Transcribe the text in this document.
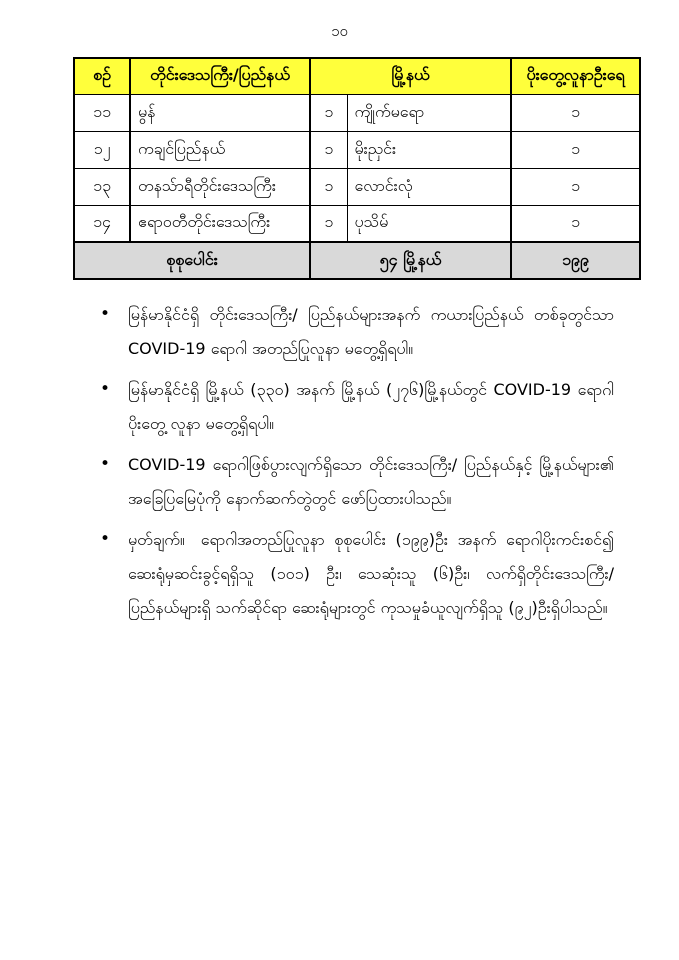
၁၀
စဉ်	တိုင်းဒေသကြီး/ပြည်နယ်	မြို့နယ်		ပိုးတွေ့လူနာဦးရေ
၁၁	မွန်	၁	ကျိုက်မရော	၁
၁၂	ကချင်ပြည်နယ်	၁	မိုးညှင်း	၁
၁၃	တနသ်ာရီတိုင်းဒေသကြီး	၁	လောင်းလုံ	၁
၁၄	ဧရာဝတီတိုင်းဒေသကြီး	၁	ပုသိမ်	၁
စုစုပေါင်း		၅၄ မြို့နယ်		၁၉၉
• မြန်မာနိုင်ငံရှိ တိုင်းဒေသကြီး/ ပြည်နယ်များအနက် ကယားပြည်နယ် တစ်ခုတွင်သာ COVID-19 ရောဂါ အတည်ပြုလူနာ မတွေ့ရှိရပါ။
• မြန်မာနိုင်ငံရှိ မြို့နယ် (၃၃၀) အနက် မြို့နယ် (၂၇၆)မြို့နယ်တွင် COVID-19 ရောဂါ ပိုးတွေ့ လူနာ မတွေ့ရှိရပါ။
• COVID-19 ရောဂါဖြစ်ပွားလျက်ရှိသော တိုင်းဒေသကြီး/ ပြည်နယ်နှင့် မြို့နယ်များ၏ အခြေပြမြေပုံကို နောက်ဆက်တွဲတွင် ဖော်ပြထားပါသည်။
• မှတ်ချက်။ ရောဂါအတည်ပြုလူနာ စုစုပေါင်း (၁၉၉)ဦး အနက် ရောဂါပိုးကင်းစင်၍ ဆေးရုံမှဆင်းခွင့်ရရှိသူ (၁၀၁) ဦး၊ သေဆုံးသူ (၆)ဦး၊ လက်ရှိတိုင်းဒေသကြီး/ ပြည်နယ်များရှိ သက်ဆိုင်ရာ ဆေးရုံများတွင် ကုသမှုခံယူလျက်ရှိသူ (၉၂)ဦးရှိပါသည်။
